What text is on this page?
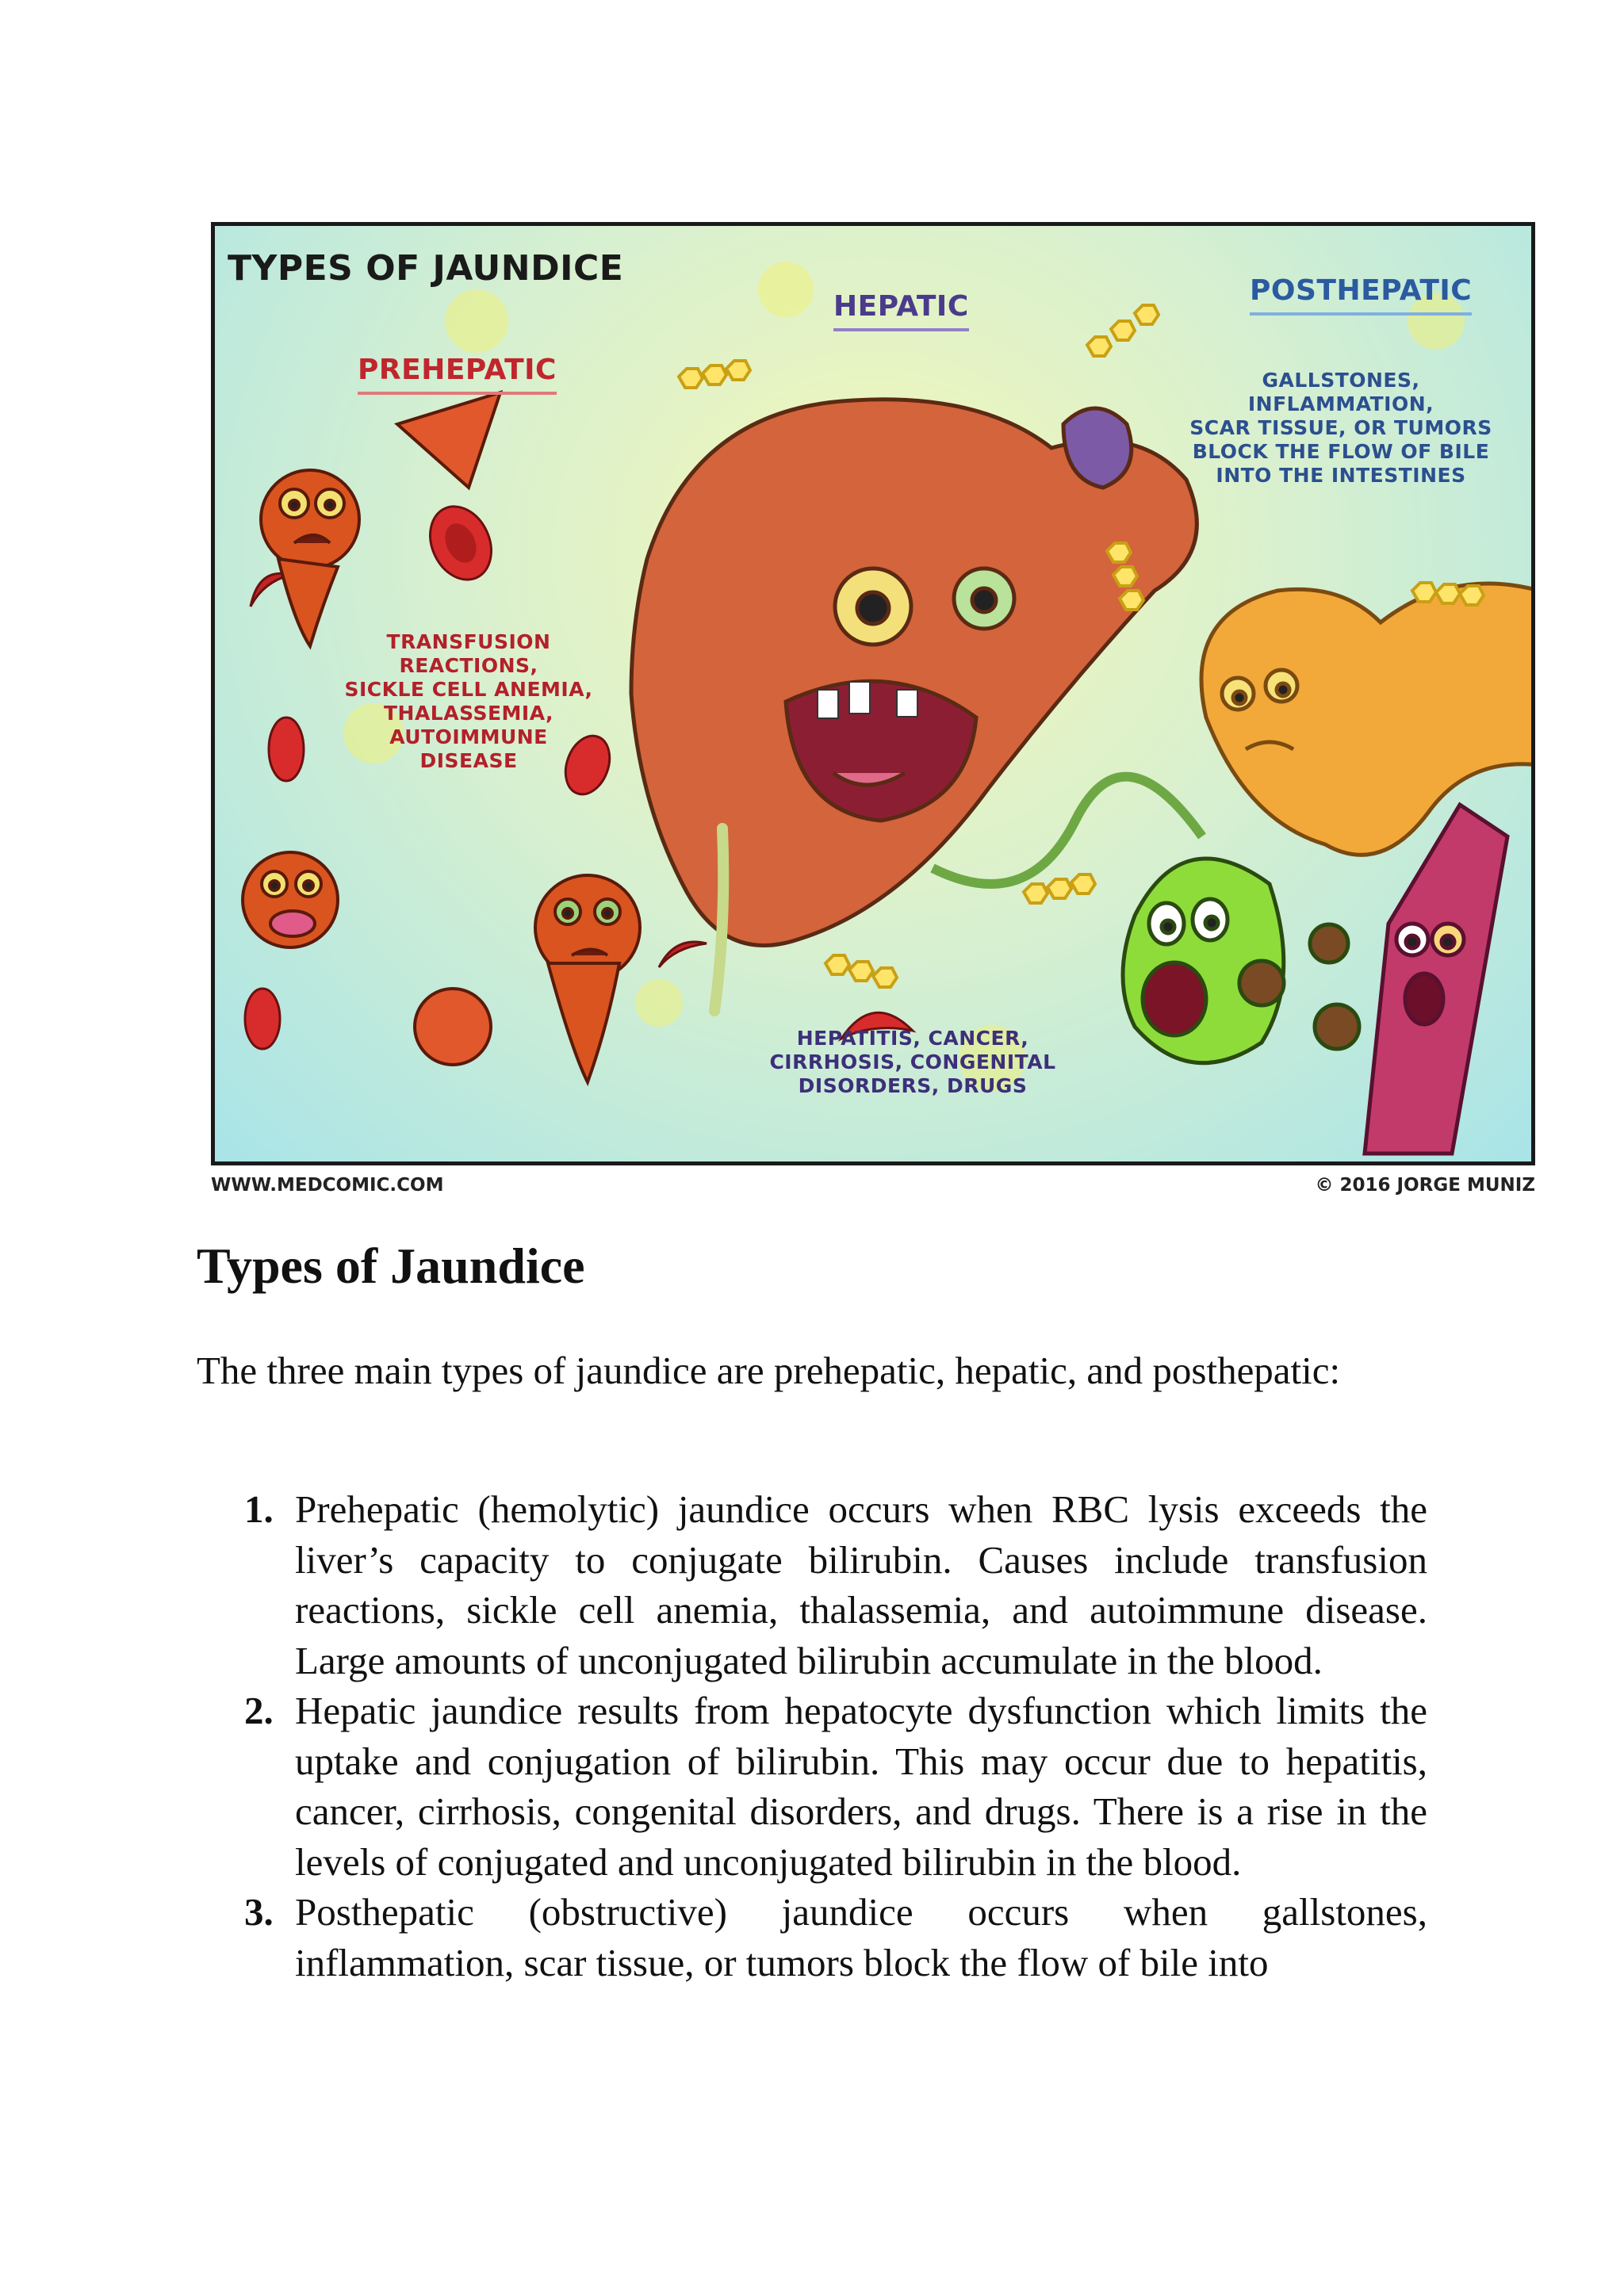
TYPES OF JAUNDICE
PREHEPATIC
TRANSFUSION REACTIONS,
SICKLE CELL ANEMIA,
THALASSEMIA,
AUTOIMMUNE
DISEASE
HEPATIC
HEPATITIS, CANCER,
CIRRHOSIS, CONGENITAL
DISORDERS, DRUGS
POSTHEPATIC
GALLSTONES, INFLAMMATION,
SCAR TISSUE, OR TUMORS
BLOCK THE FLOW OF BILE
INTO THE INTESTINES
WWW.MEDCOMIC.COM	© 2016 JORGE MUNIZ
Types of Jaundice

The three main types of jaundice are prehepatic, hepatic, and posthepatic:

1. Prehepatic (hemolytic) jaundice occurs when RBC lysis exceeds the liver’s capacity to conjugate bilirubin. Causes include transfusion reactions, sickle cell anemia, thalassemia, and autoimmune disease. Large amounts of unconjugated bilirubin accumulate in the blood.
2. Hepatic jaundice results from hepatocyte dysfunction which limits the uptake and conjugation of bilirubin. This may occur due to hepatitis, cancer, cirrhosis, congenital disorders, and drugs. There is a rise in the levels of conjugated and unconjugated bilirubin in the blood.
3. Posthepatic (obstructive) jaundice occurs when gallstones, inflammation, scar tissue, or tumors block the flow of bile into
